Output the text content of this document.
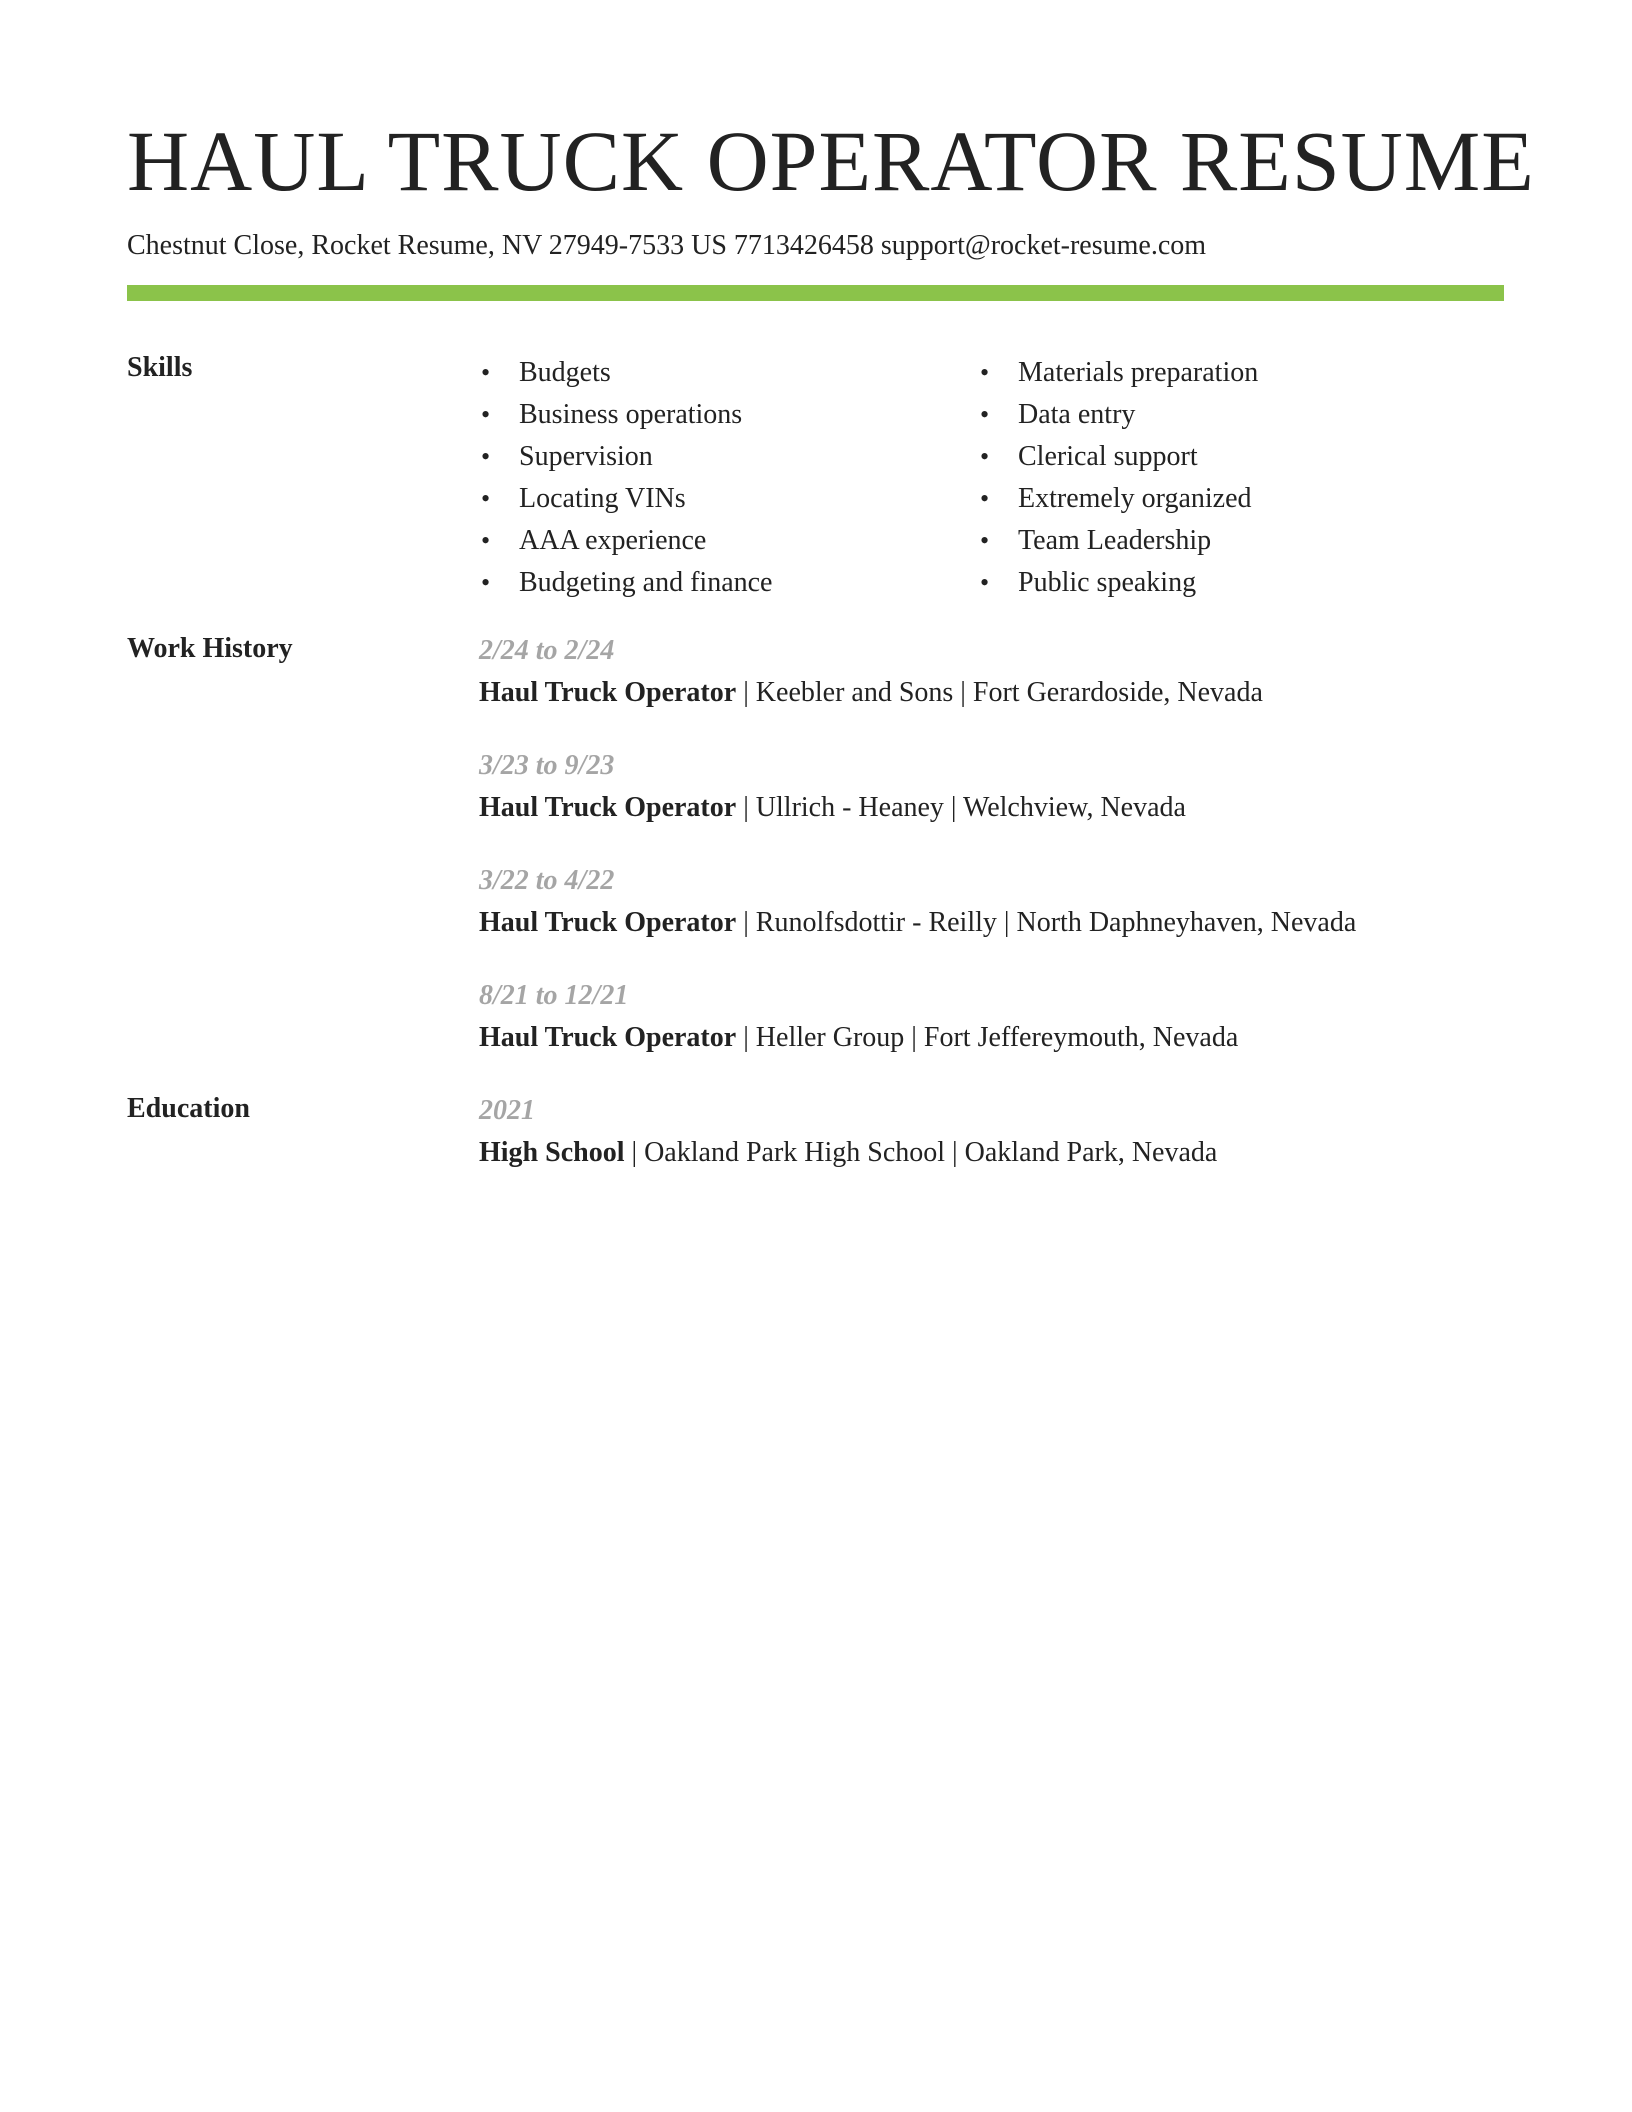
HAUL TRUCK OPERATOR RESUME
Chestnut Close, Rocket Resume, NV 27949-7533 US 7713426458 support@rocket-resume.com
Skills	•	Budgets
•	Business operations
•	Supervision
•	Locating VINs
•	AAA experience
•	Budgeting and finance
•	Materials preparation
•	Data entry
•	Clerical support
•	Extremely organized
•	Team Leadership
•	Public speaking
Work History	2/24 to 2/24
Haul Truck Operator | Keebler and Sons | Fort Gerardoside, Nevada
3/23 to 9/23
Haul Truck Operator | Ullrich - Heaney | Welchview, Nevada
3/22 to 4/22
Haul Truck Operator | Runolfsdottir - Reilly | North Daphneyhaven, Nevada
8/21 to 12/21
Haul Truck Operator | Heller Group | Fort Jeffereymouth, Nevada
Education	2021
High School | Oakland Park High School | Oakland Park, Nevada
